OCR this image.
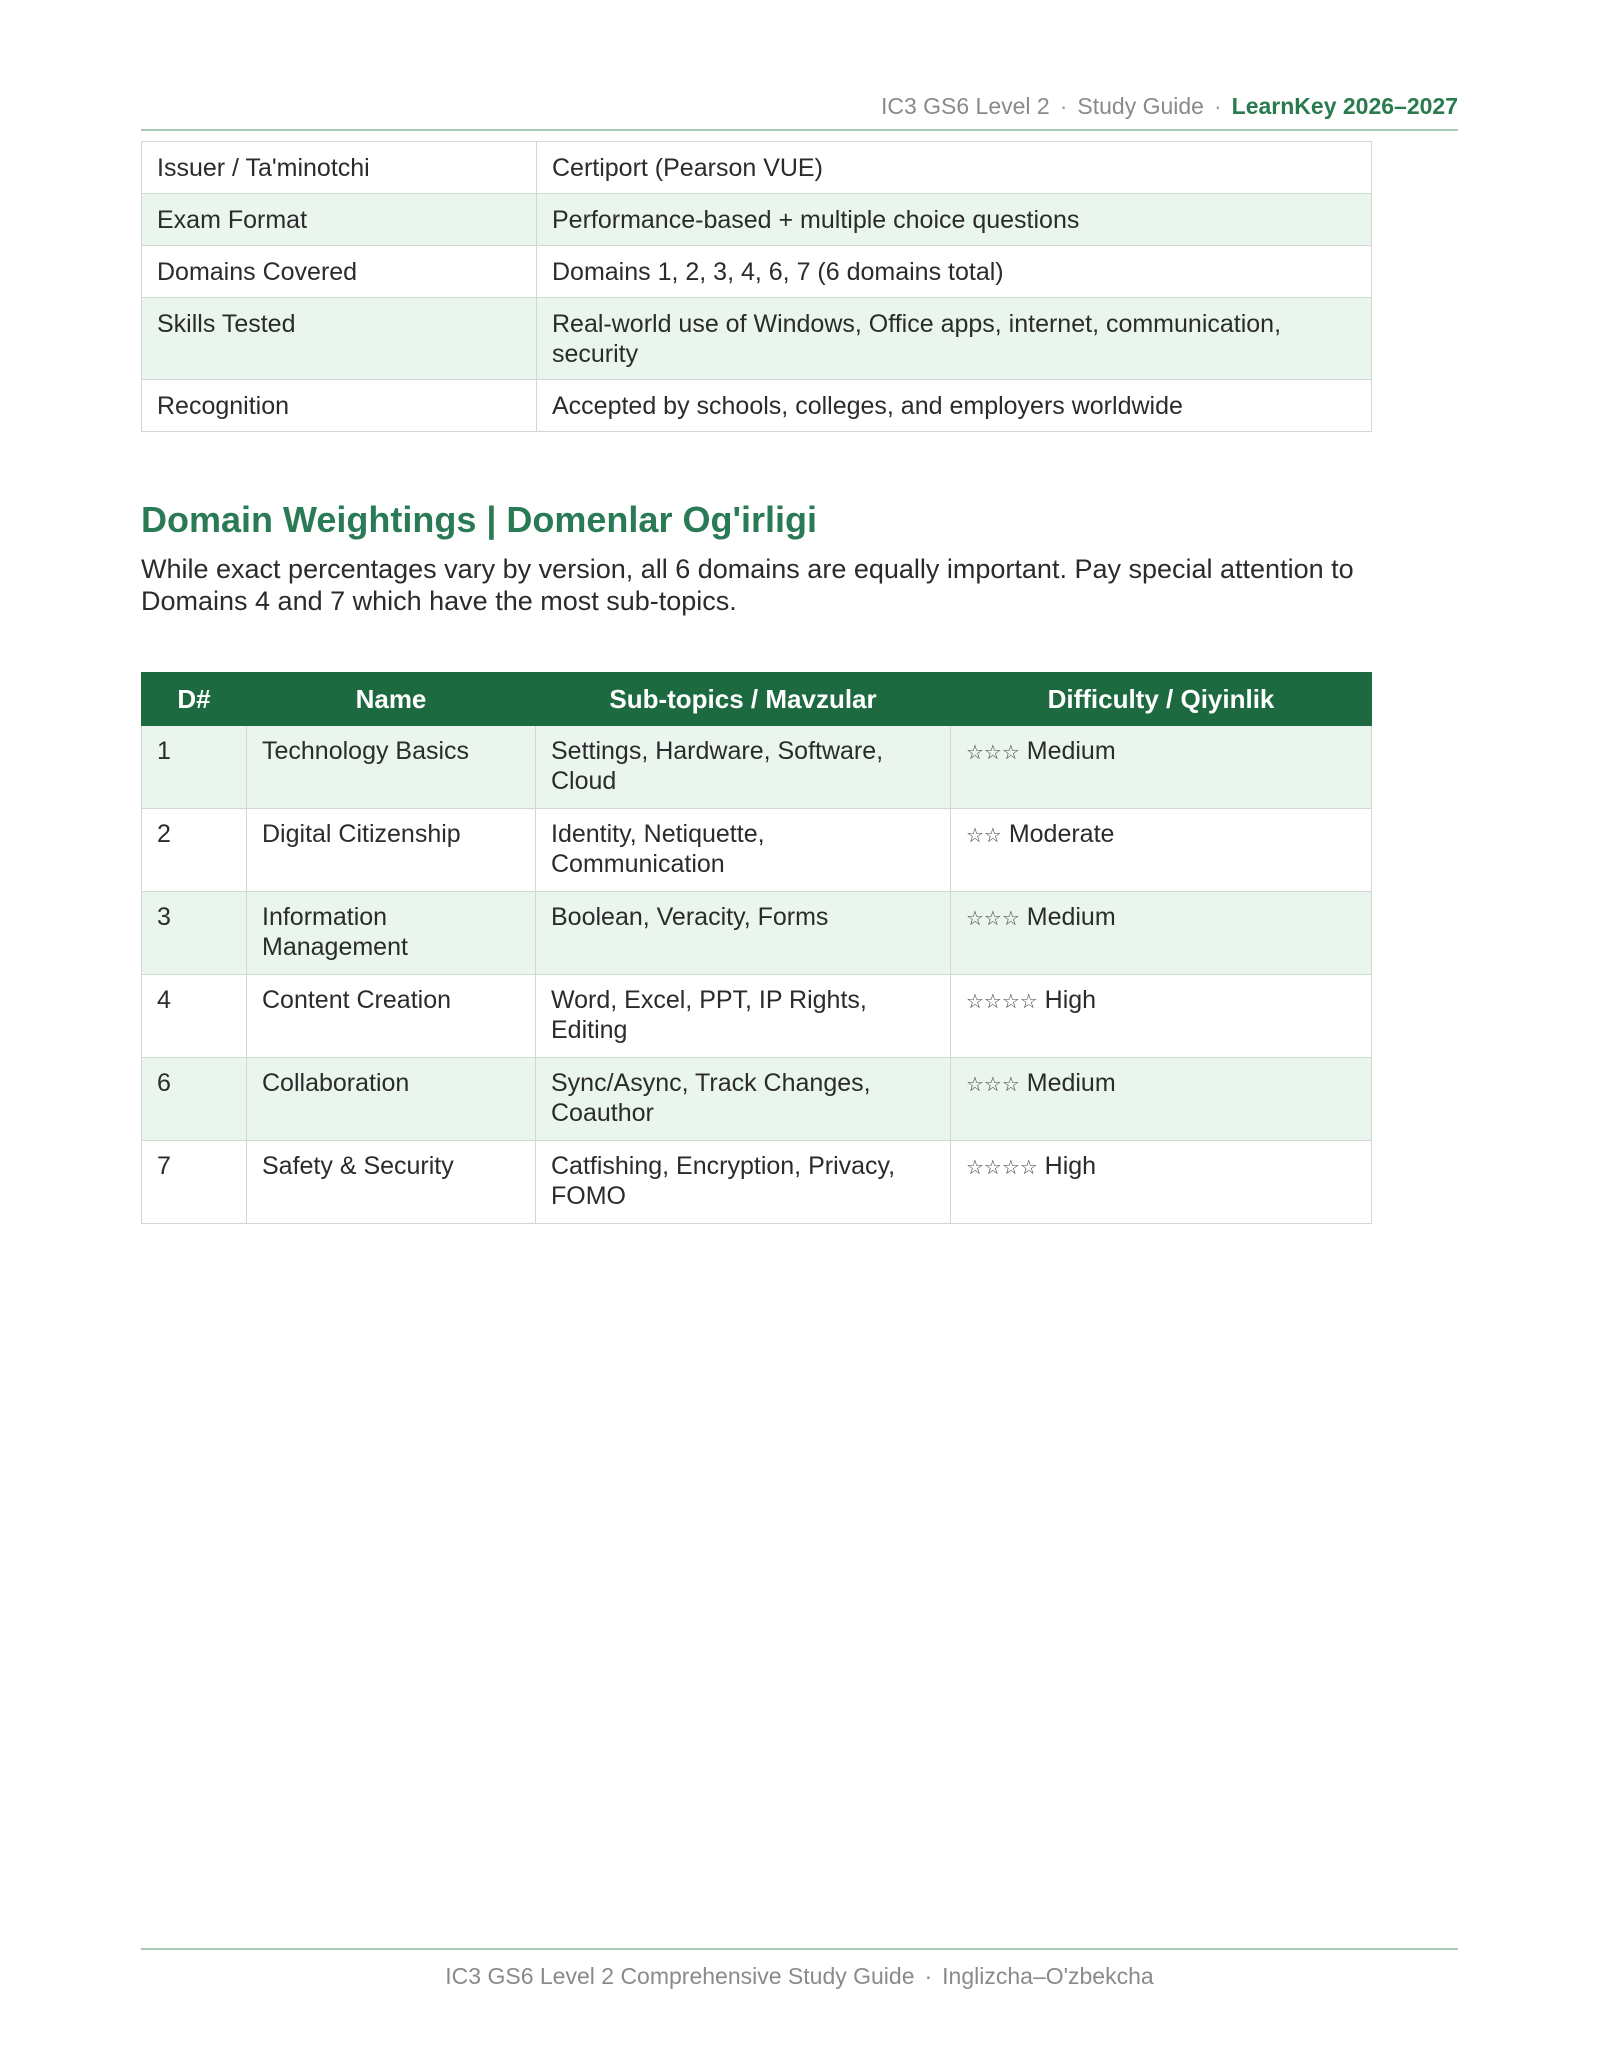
IC3 GS6 Level 2 · Study Guide · LearnKey 2026–2027
Issuer / Ta'minotchi	Certiport (Pearson VUE)
Exam Format	Performance-based + multiple choice questions
Domains Covered	Domains 1, 2, 3, 4, 6, 7 (6 domains total)
Skills Tested	Real-world use of Windows, Office apps, internet, communication, security
Recognition	Accepted by schools, colleges, and employers worldwide
Domain Weightings | Domenlar Og'irligi
While exact percentages vary by version, all 6 domains are equally important. Pay special attention to Domains 4 and 7 which have the most sub-topics.
D#	Name	Sub-topics / Mavzular	Difficulty / Qiyinlik
1	Technology Basics	Settings, Hardware, Software, Cloud	☆☆☆ Medium
2	Digital Citizenship	Identity, Netiquette, Communication	☆☆ Moderate
3	Information Management	Boolean, Veracity, Forms	☆☆☆ Medium
4	Content Creation	Word, Excel, PPT, IP Rights, Editing	☆☆☆☆ High
6	Collaboration	Sync/Async, Track Changes, Coauthor	☆☆☆ Medium
7	Safety & Security	Catfishing, Encryption, Privacy, FOMO	☆☆☆☆ High
IC3 GS6 Level 2 Comprehensive Study Guide · Inglizcha–O'zbekcha
